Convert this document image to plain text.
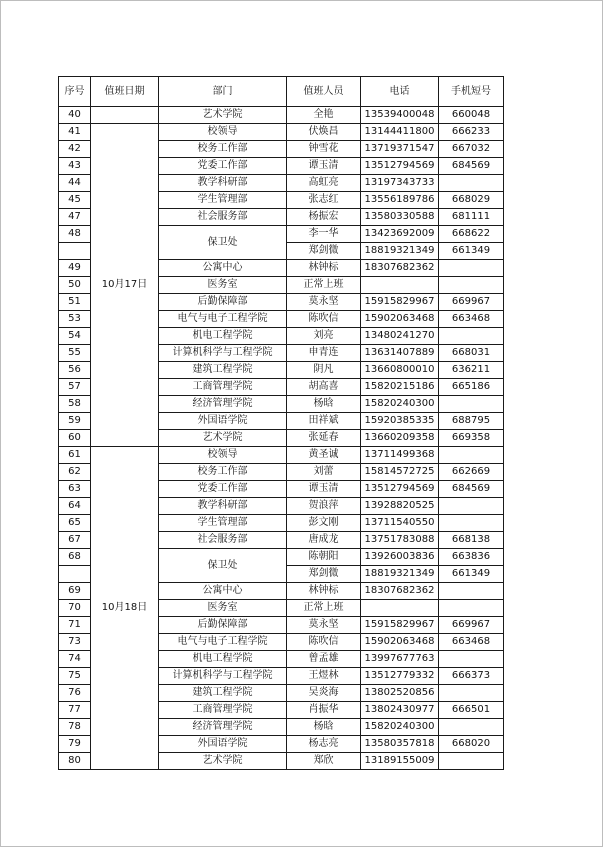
序号	值班日期	部门	值班人员	电话	手机短号
40		艺术学院	全艳	13539400048	660048
41	10月17日	校领导	伏焕昌	13144411800	666233
42		校务工作部	钟雪花	13719371547	667032
43		党委工作部	谭玉清	13512794569	684569
44		教学科研部	高虹亮	13197343733	
45		学生管理部	张志红	13556189786	668029
47		社会服务部	杨振宏	13580330588	681111
48		保卫处	李一华	13423692009	668622
			郑剑微	18819321349	661349
49		公寓中心	林钟标	18307682362	
50		医务室	正常上班		
51		后勤保障部	莫永坚	15915829967	669967
53		电气与电子工程学院	陈吹信	15902063468	663468
54		机电工程学院	刘亮	13480241270	
55		计算机科学与工程学院	申青连	13631407889	668031
56		建筑工程学院	阴凡	13660800010	636211
57		工商管理学院	胡高喜	15820215186	665186
58		经济管理学院	杨晗	15820240300	
59		外国语学院	田祥斌	15920385335	688795
60		艺术学院	张延春	13660209358	669358
61	10月18日	校领导	黄圣诚	13711499368	
62		校务工作部	刘蕾	15814572725	662669
63		党委工作部	谭玉清	13512794569	684569
64		教学科研部	贺浪萍	13928820525	
65		学生管理部	彭文刚	13711540550	
67		社会服务部	唐成龙	13751783088	668138
68		保卫处	陈朝阳	13926003836	663836
			郑剑微	18819321349	661349
69		公寓中心	林钟标	18307682362	
70		医务室	正常上班		
71		后勤保障部	莫永坚	15915829967	669967
73		电气与电子工程学院	陈吹信	15902063468	663468
74		机电工程学院	曾孟雄	13997677763	
75		计算机科学与工程学院	王煜林	13512779332	666373
76		建筑工程学院	吴炎海	13802520856	
77		工商管理学院	肖振华	13802430977	666501
78		经济管理学院	杨晗	15820240300	
79		外国语学院	杨志亮	13580357818	668020
80		艺术学院	郑欣	13189155009	
